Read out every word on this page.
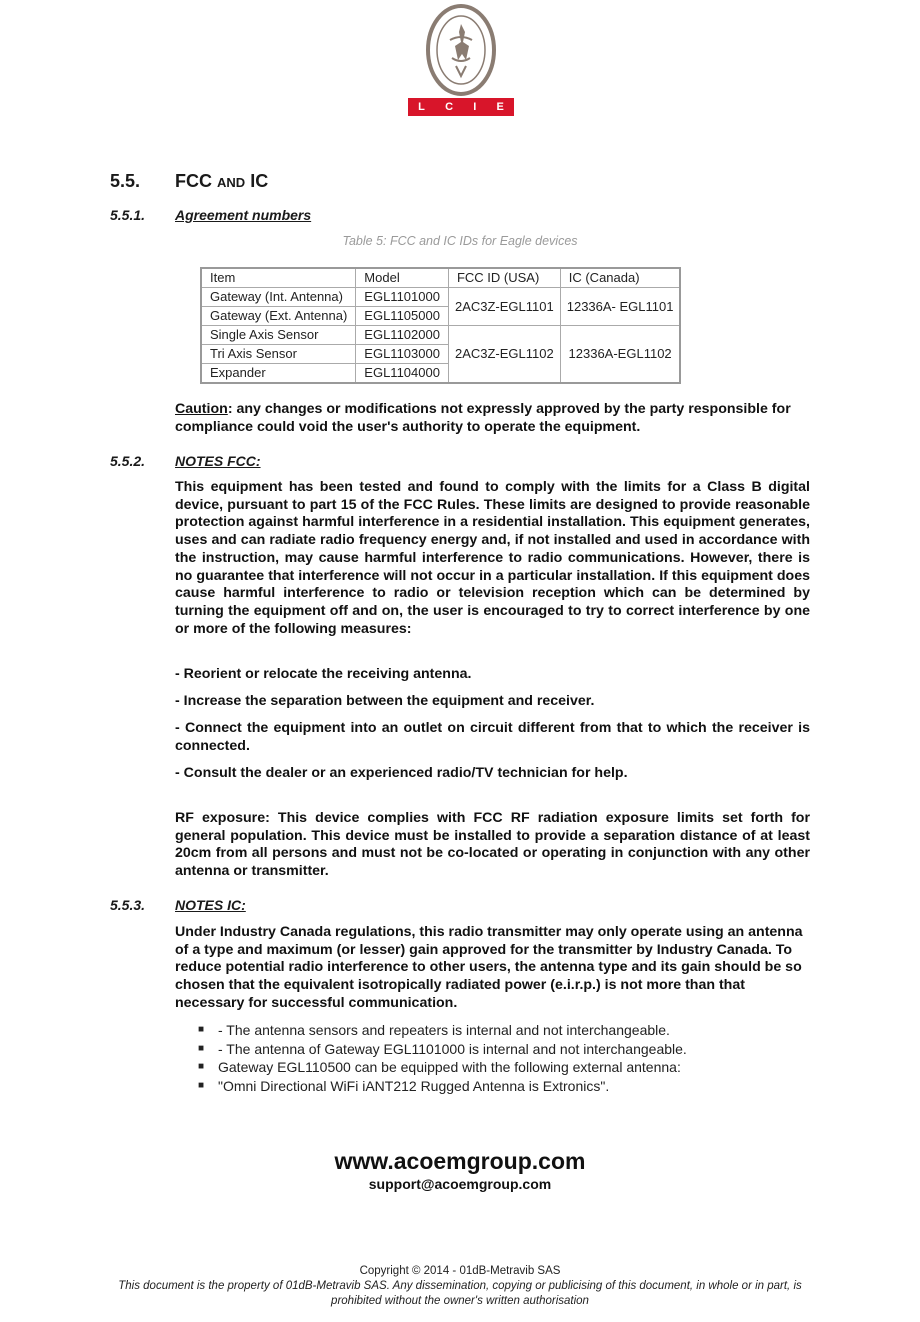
L C I E
5.5. FCC AND IC
5.5.1. Agreement numbers
Table 5: FCC and IC IDs for Eagle devices
Item	Model	FCC ID (USA)	IC (Canada)
Gateway (Int. Antenna)	EGL1101000	2AC3Z-EGL1101	12336A- EGL1101
Gateway (Ext. Antenna)	EGL1105000		
Single Axis Sensor	EGL1102000	2AC3Z-EGL1102	12336A-EGL1102
Tri Axis Sensor	EGL1103000		
Expander	EGL1104000		
Caution: any changes or modifications not expressly approved by the party responsible for compliance could void the user's authority to operate the equipment.
5.5.2. NOTES FCC:
This equipment has been tested and found to comply with the limits for a Class B digital device, pursuant to part 15 of the FCC Rules. These limits are designed to provide reasonable protection against harmful interference in a residential installation. This equipment generates, uses and can radiate radio frequency energy and, if not installed and used in accordance with the instruction, may cause harmful interference to radio communications. However, there is no guarantee that interference will not occur in a particular installation. If this equipment does cause harmful interference to radio or television reception which can be determined by turning the equipment off and on, the user is encouraged to try to correct interference by one or more of the following measures:
- Reorient or relocate the receiving antenna.
- Increase the separation between the equipment and receiver.
- Connect the equipment into an outlet on circuit different from that to which the receiver is connected.
- Consult the dealer or an experienced radio/TV technician for help.
RF exposure: This device complies with FCC RF radiation exposure limits set forth for general population. This device must be installed to provide a separation distance of at least 20cm from all persons and must not be co-located or operating in conjunction with any other antenna or transmitter.
5.5.3. NOTES IC:
Under Industry Canada regulations, this radio transmitter may only operate using an antenna of a type and maximum (or lesser) gain approved for the transmitter by Industry Canada. To reduce potential radio interference to other users, the antenna type and its gain should be so chosen that the equivalent isotropically radiated power (e.i.r.p.) is not more than that necessary for successful communication.
■ - The antenna sensors and repeaters is internal and not interchangeable.
■ - The antenna of Gateway EGL1101000 is internal and not interchangeable.
■ Gateway EGL110500 can be equipped with the following external antenna:
■ "Omni Directional WiFi iANT212 Rugged Antenna is Extronics".
www.acoemgroup.com
support@acoemgroup.com
Copyright © 2014 - 01dB-Metravib SAS
This document is the property of 01dB-Metravib SAS. Any dissemination, copying or publicising of this document, in whole or in part, is prohibited without the owner's written authorisation
